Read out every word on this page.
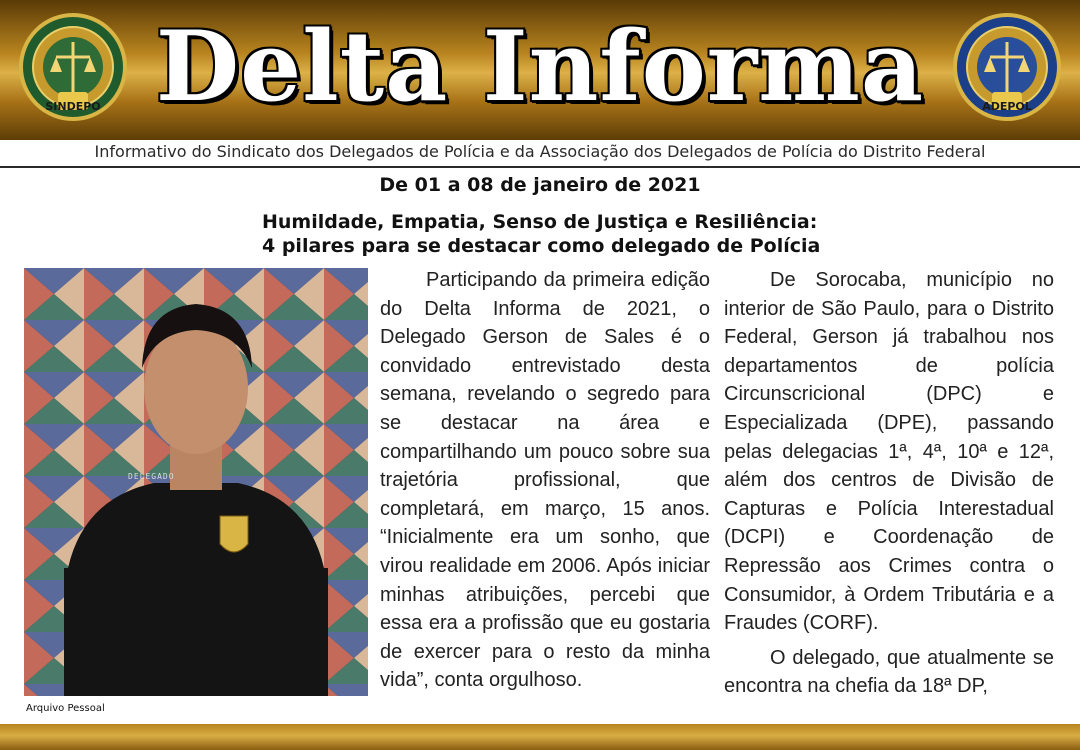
SINDEPO Delta Informa	ADEPOL
Informativo do Sindicato dos Delegados de Polícia e da Associação dos Delegados de Polícia do Distrito Federal
De 01 a 08 de janeiro de 2021
Humildade, Empatia, Senso de Justiça e Resiliência:
4 pilares para se destacar como delegado de Polícia
DELEGADO
Arquivo Pessoal

Participando da primeira edição do Delta Informa de 2021, o Delegado Gerson de Sales é o convidado entrevistado desta semana, revelando o segredo para se destacar na área e compartilhando um pouco sobre sua trajetória profissional, que completará, em março, 15 anos. “Inicialmente era um sonho, que virou realidade em 2006. Após iniciar minhas atribuições, percebi que essa era a profissão que eu gostaria de exercer para o resto da minha vida”, conta orgulhoso.

De Sorocaba, município no interior de São Paulo, para o Distrito Federal, Gerson já trabalhou nos departamentos de polícia Circunscricional (DPC) e Especializada (DPE), passando pelas delegacias 1ª, 4ª, 10ª e 12ª, além dos centros de Divisão de Capturas e Polícia Interestadual (DCPI) e Coordenação de Repressão aos Crimes contra o Consumidor, à Ordem Tributária e a Fraudes (CORF).

O delegado, que atualmente se encontra na chefia da 18ª DP,
